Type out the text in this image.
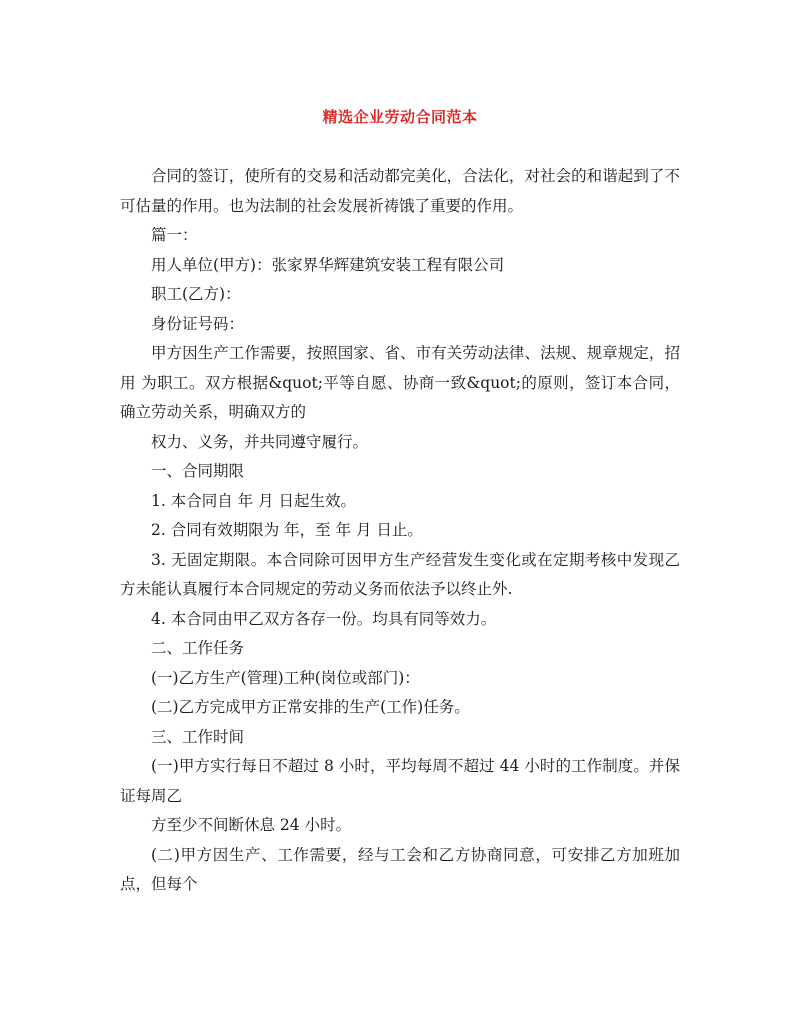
精选企业劳动合同范本

合同的签订，使所有的交易和活动都完美化，合法化，对社会的和谐起到了不可估量的作用。也为法制的社会发展祈祷饿了重要的作用。

篇一：

用人单位(甲方)：张家界华辉建筑安装工程有限公司

职工(乙方)：

身份证号码：

甲方因生产工作需要，按照国家、省、市有关劳动法律、法规、规章规定，招用 为职工。双方根据&quot;平等自愿、协商一致&quot;的原则，签订本合同，确立劳动关系，明确双方的

权力、义务，并共同遵守履行。

一、合同期限

1. 本合同自 年 月 日起生效。

2. 合同有效期限为 年，至 年 月 日止。

3. 无固定期限。本合同除可因甲方生产经营发生变化或在定期考核中发现乙方未能认真履行本合同规定的劳动义务而依法予以终止外.

4. 本合同由甲乙双方各存一份。均具有同等效力。

二、工作任务

(一)乙方生产(管理)工种(岗位或部门)：

(二)乙方完成甲方正常安排的生产(工作)任务。

三、工作时间

(一)甲方实行每日不超过 8 小时，平均每周不超过 44 小时的工作制度。并保证每周乙

方至少不间断休息 24 小时。

(二)甲方因生产、工作需要，经与工会和乙方协商同意，可安排乙方加班加点，但每个
